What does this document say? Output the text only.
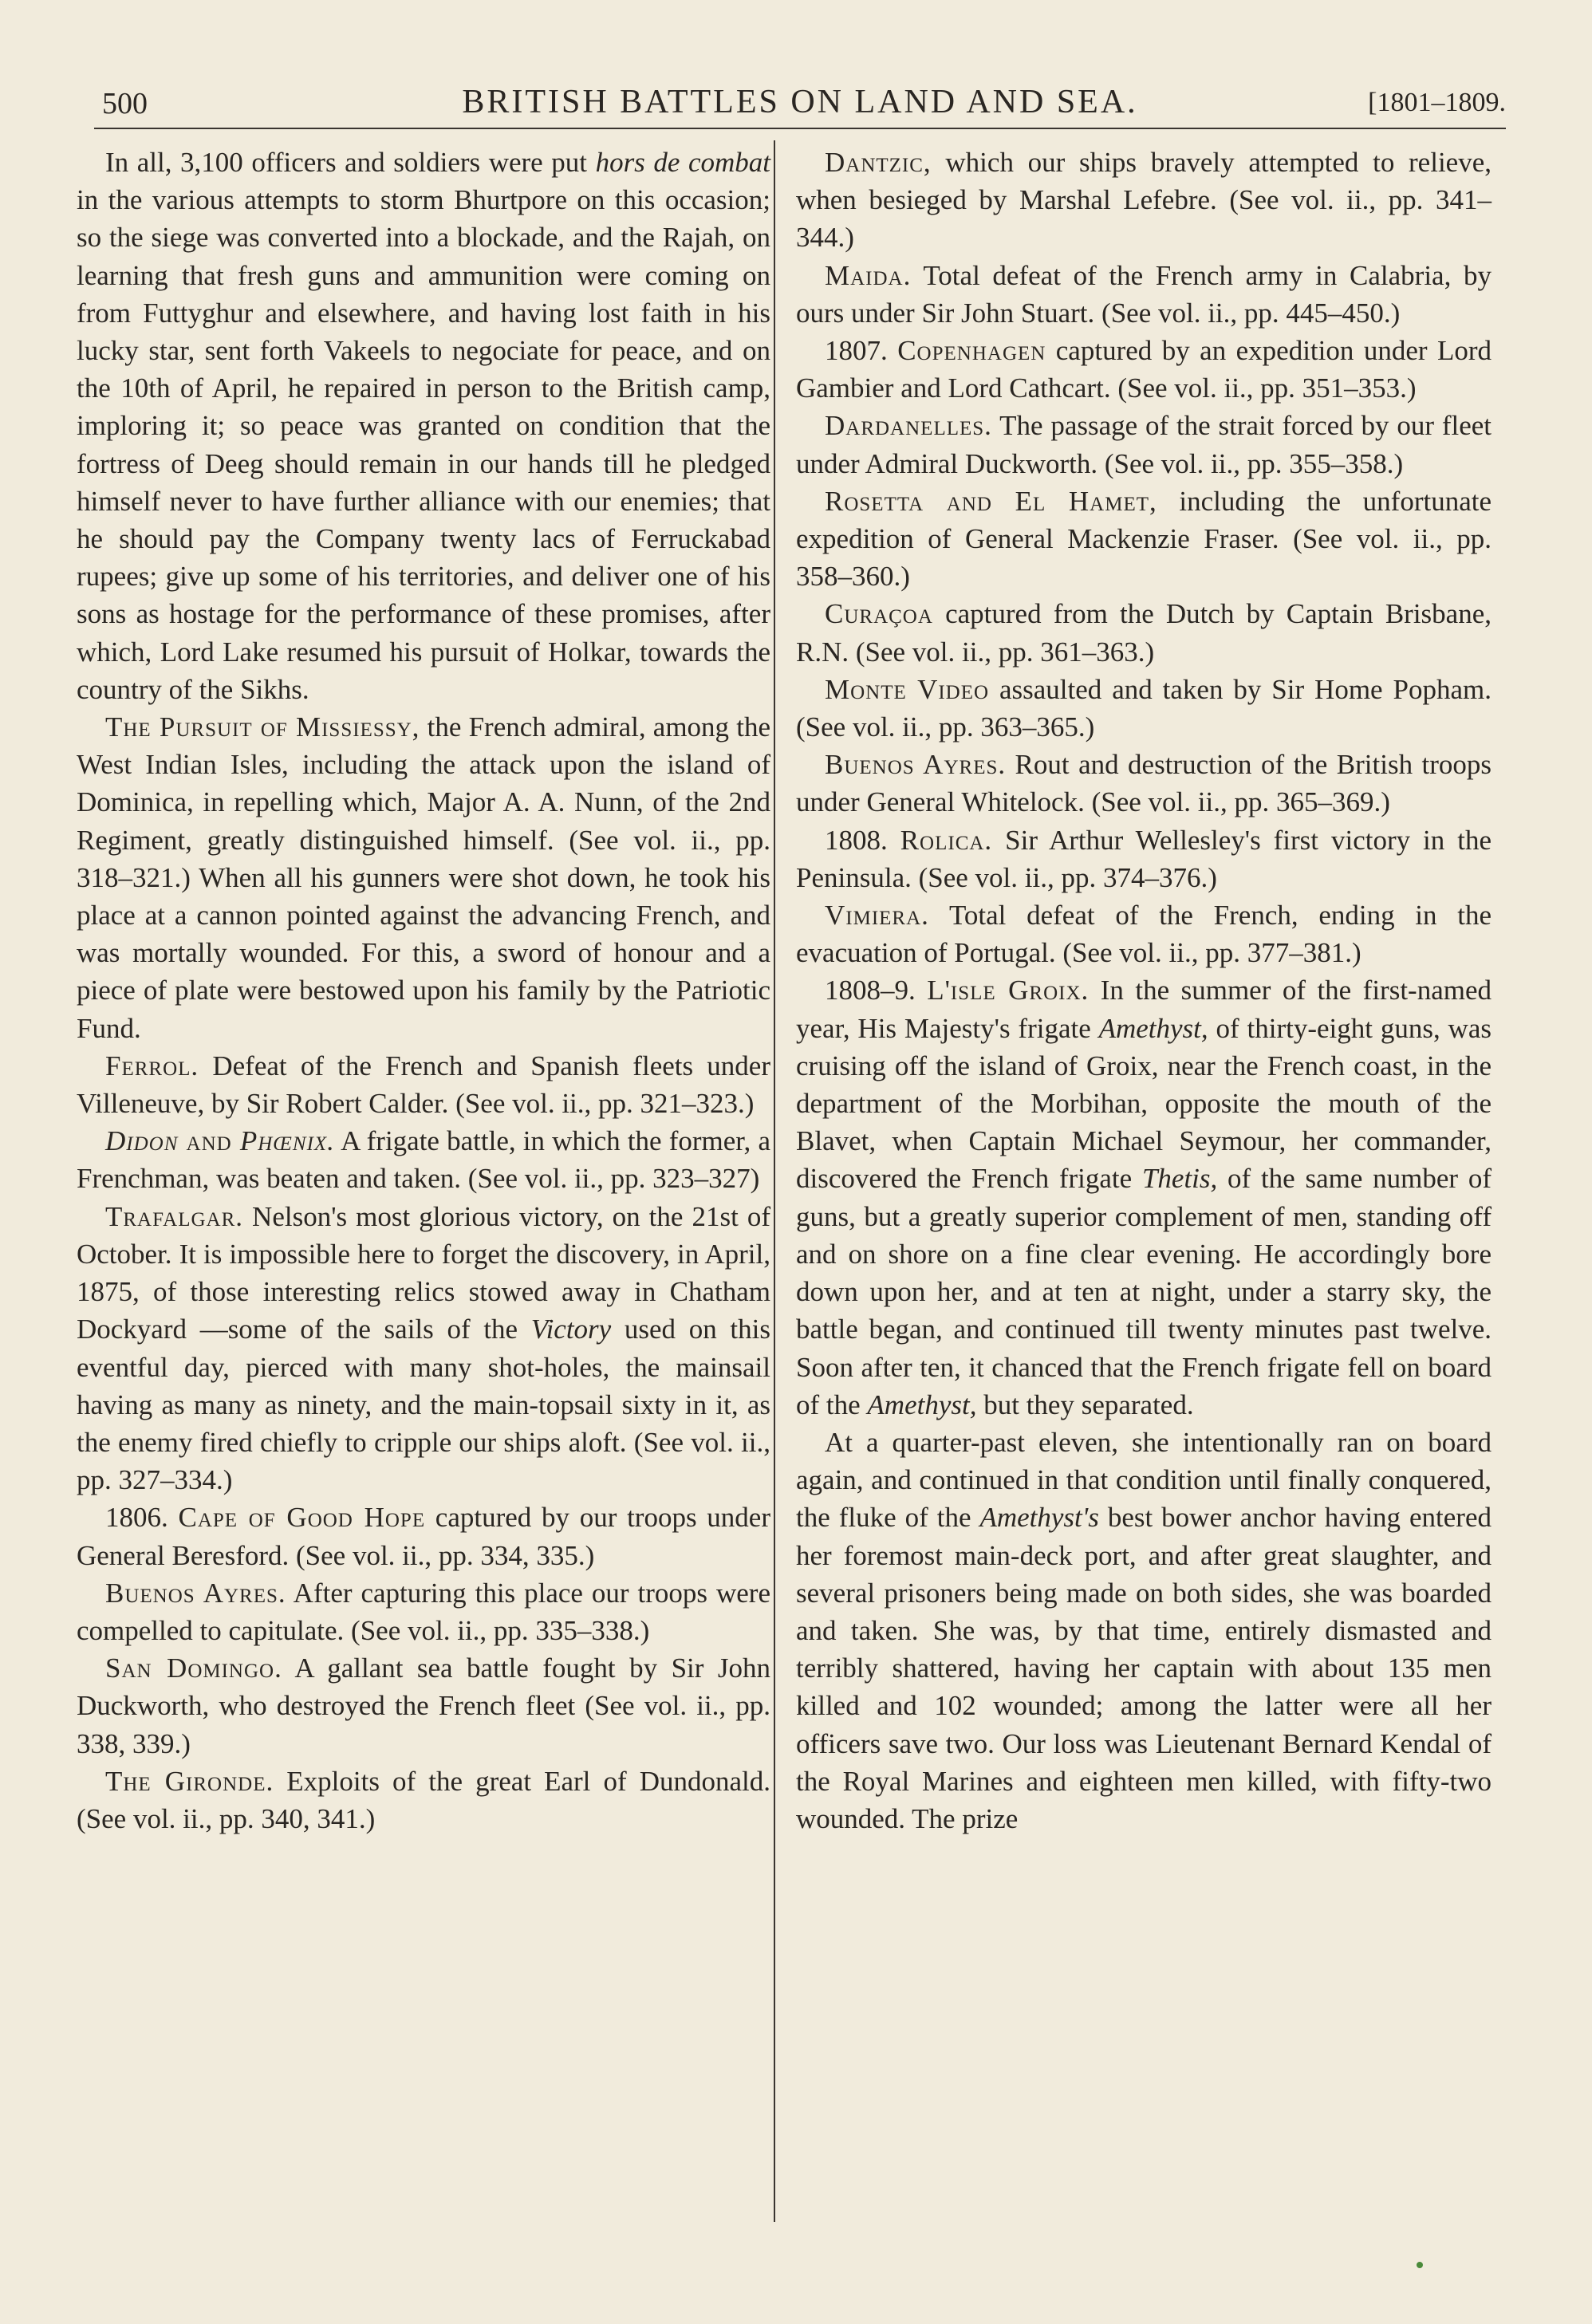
500	BRITISH BATTLES ON LAND AND SEA.	[1801–1809.

In all, 3,100 officers and soldiers were put hors de combat in the various attempts to storm Bhurtpore on this occasion; so the siege was converted into a blockade, and the Rajah, on learning that fresh guns and ammunition were coming on from Futtyghur and elsewhere, and having lost faith in his lucky star, sent forth Vakeels to negociate for peace, and on the 10th of April, he repaired in person to the British camp, imploring it; so peace was granted on condition that the fortress of Deeg should remain in our hands till he pledged himself never to have further alliance with our enemies; that he should pay the Company twenty lacs of Ferruckabad rupees; give up some of his territories, and deliver one of his sons as hostage for the performance of these promises, after which, Lord Lake resumed his pursuit of Holkar, towards the country of the Sikhs.

The Pursuit of Missiessy, the French admiral, among the West Indian Isles, including the attack upon the island of Dominica, in repelling which, Major A. A. Nunn, of the 2nd Regiment, greatly distinguished himself. (See vol. ii., pp. 318–321.) When all his gunners were shot down, he took his place at a cannon pointed against the advancing French, and was mortally wounded. For this, a sword of honour and a piece of plate were bestowed upon his family by the Patriotic Fund.

Ferrol. Defeat of the French and Spanish fleets under Villeneuve, by Sir Robert Calder. (See vol. ii., pp. 321–323.)

Didon and Phœnix. A frigate battle, in which the former, a Frenchman, was beaten and taken. (See vol. ii., pp. 323–327)

Trafalgar. Nelson's most glorious victory, on the 21st of October. It is impossible here to forget the discovery, in April, 1875, of those interesting relics stowed away in Chatham Dockyard —some of the sails of the Victory used on this eventful day, pierced with many shot-holes, the mainsail having as many as ninety, and the main-topsail sixty in it, as the enemy fired chiefly to cripple our ships aloft. (See vol. ii., pp. 327–334.)

1806. Cape of Good Hope captured by our troops under General Beresford. (See vol. ii., pp. 334, 335.)

Buenos Ayres. After capturing this place our troops were compelled to capitulate. (See vol. ii., pp. 335–338.)

San Domingo. A gallant sea battle fought by Sir John Duckworth, who destroyed the French fleet (See vol. ii., pp. 338, 339.)

The Gironde. Exploits of the great Earl of Dundonald. (See vol. ii., pp. 340, 341.)

Dantzic, which our ships bravely attempted to relieve, when besieged by Marshal Lefebre. (See vol. ii., pp. 341–344.)

Maida. Total defeat of the French army in Calabria, by ours under Sir John Stuart. (See vol. ii., pp. 445–450.)

1807. Copenhagen captured by an expedition under Lord Gambier and Lord Cathcart. (See vol. ii., pp. 351–353.)

Dardanelles. The passage of the strait forced by our fleet under Admiral Duckworth. (See vol. ii., pp. 355–358.)

Rosetta and El Hamet, including the unfortunate expedition of General Mackenzie Fraser. (See vol. ii., pp. 358–360.)

Curaçoa captured from the Dutch by Captain Brisbane, R.N. (See vol. ii., pp. 361–363.)

Monte Video assaulted and taken by Sir Home Popham. (See vol. ii., pp. 363–365.)

Buenos Ayres. Rout and destruction of the British troops under General Whitelock. (See vol. ii., pp. 365–369.)

1808. Rolica. Sir Arthur Wellesley's first victory in the Peninsula. (See vol. ii., pp. 374–376.)

Vimiera. Total defeat of the French, ending in the evacuation of Portugal. (See vol. ii., pp. 377–381.)

1808–9. L'isle Groix. In the summer of the first-named year, His Majesty's frigate Amethyst, of thirty-eight guns, was cruising off the island of Groix, near the French coast, in the department of the Morbihan, opposite the mouth of the Blavet, when Captain Michael Seymour, her commander, discovered the French frigate Thetis, of the same number of guns, but a greatly superior complement of men, standing off and on shore on a fine clear evening. He accordingly bore down upon her, and at ten at night, under a starry sky, the battle began, and continued till twenty minutes past twelve. Soon after ten, it chanced that the French frigate fell on board of the Amethyst, but they separated.

At a quarter-past eleven, she intentionally ran on board again, and continued in that condition until finally conquered, the fluke of the Amethyst's best bower anchor having entered her foremost main-deck port, and after great slaughter, and several prisoners being made on both sides, she was boarded and taken. She was, by that time, entirely dismasted and terribly shattered, having her captain with about 135 men killed and 102 wounded; among the latter were all her officers save two. Our loss was Lieutenant Bernard Kendal of the Royal Marines and eighteen men killed, with fifty-two wounded. The prize
